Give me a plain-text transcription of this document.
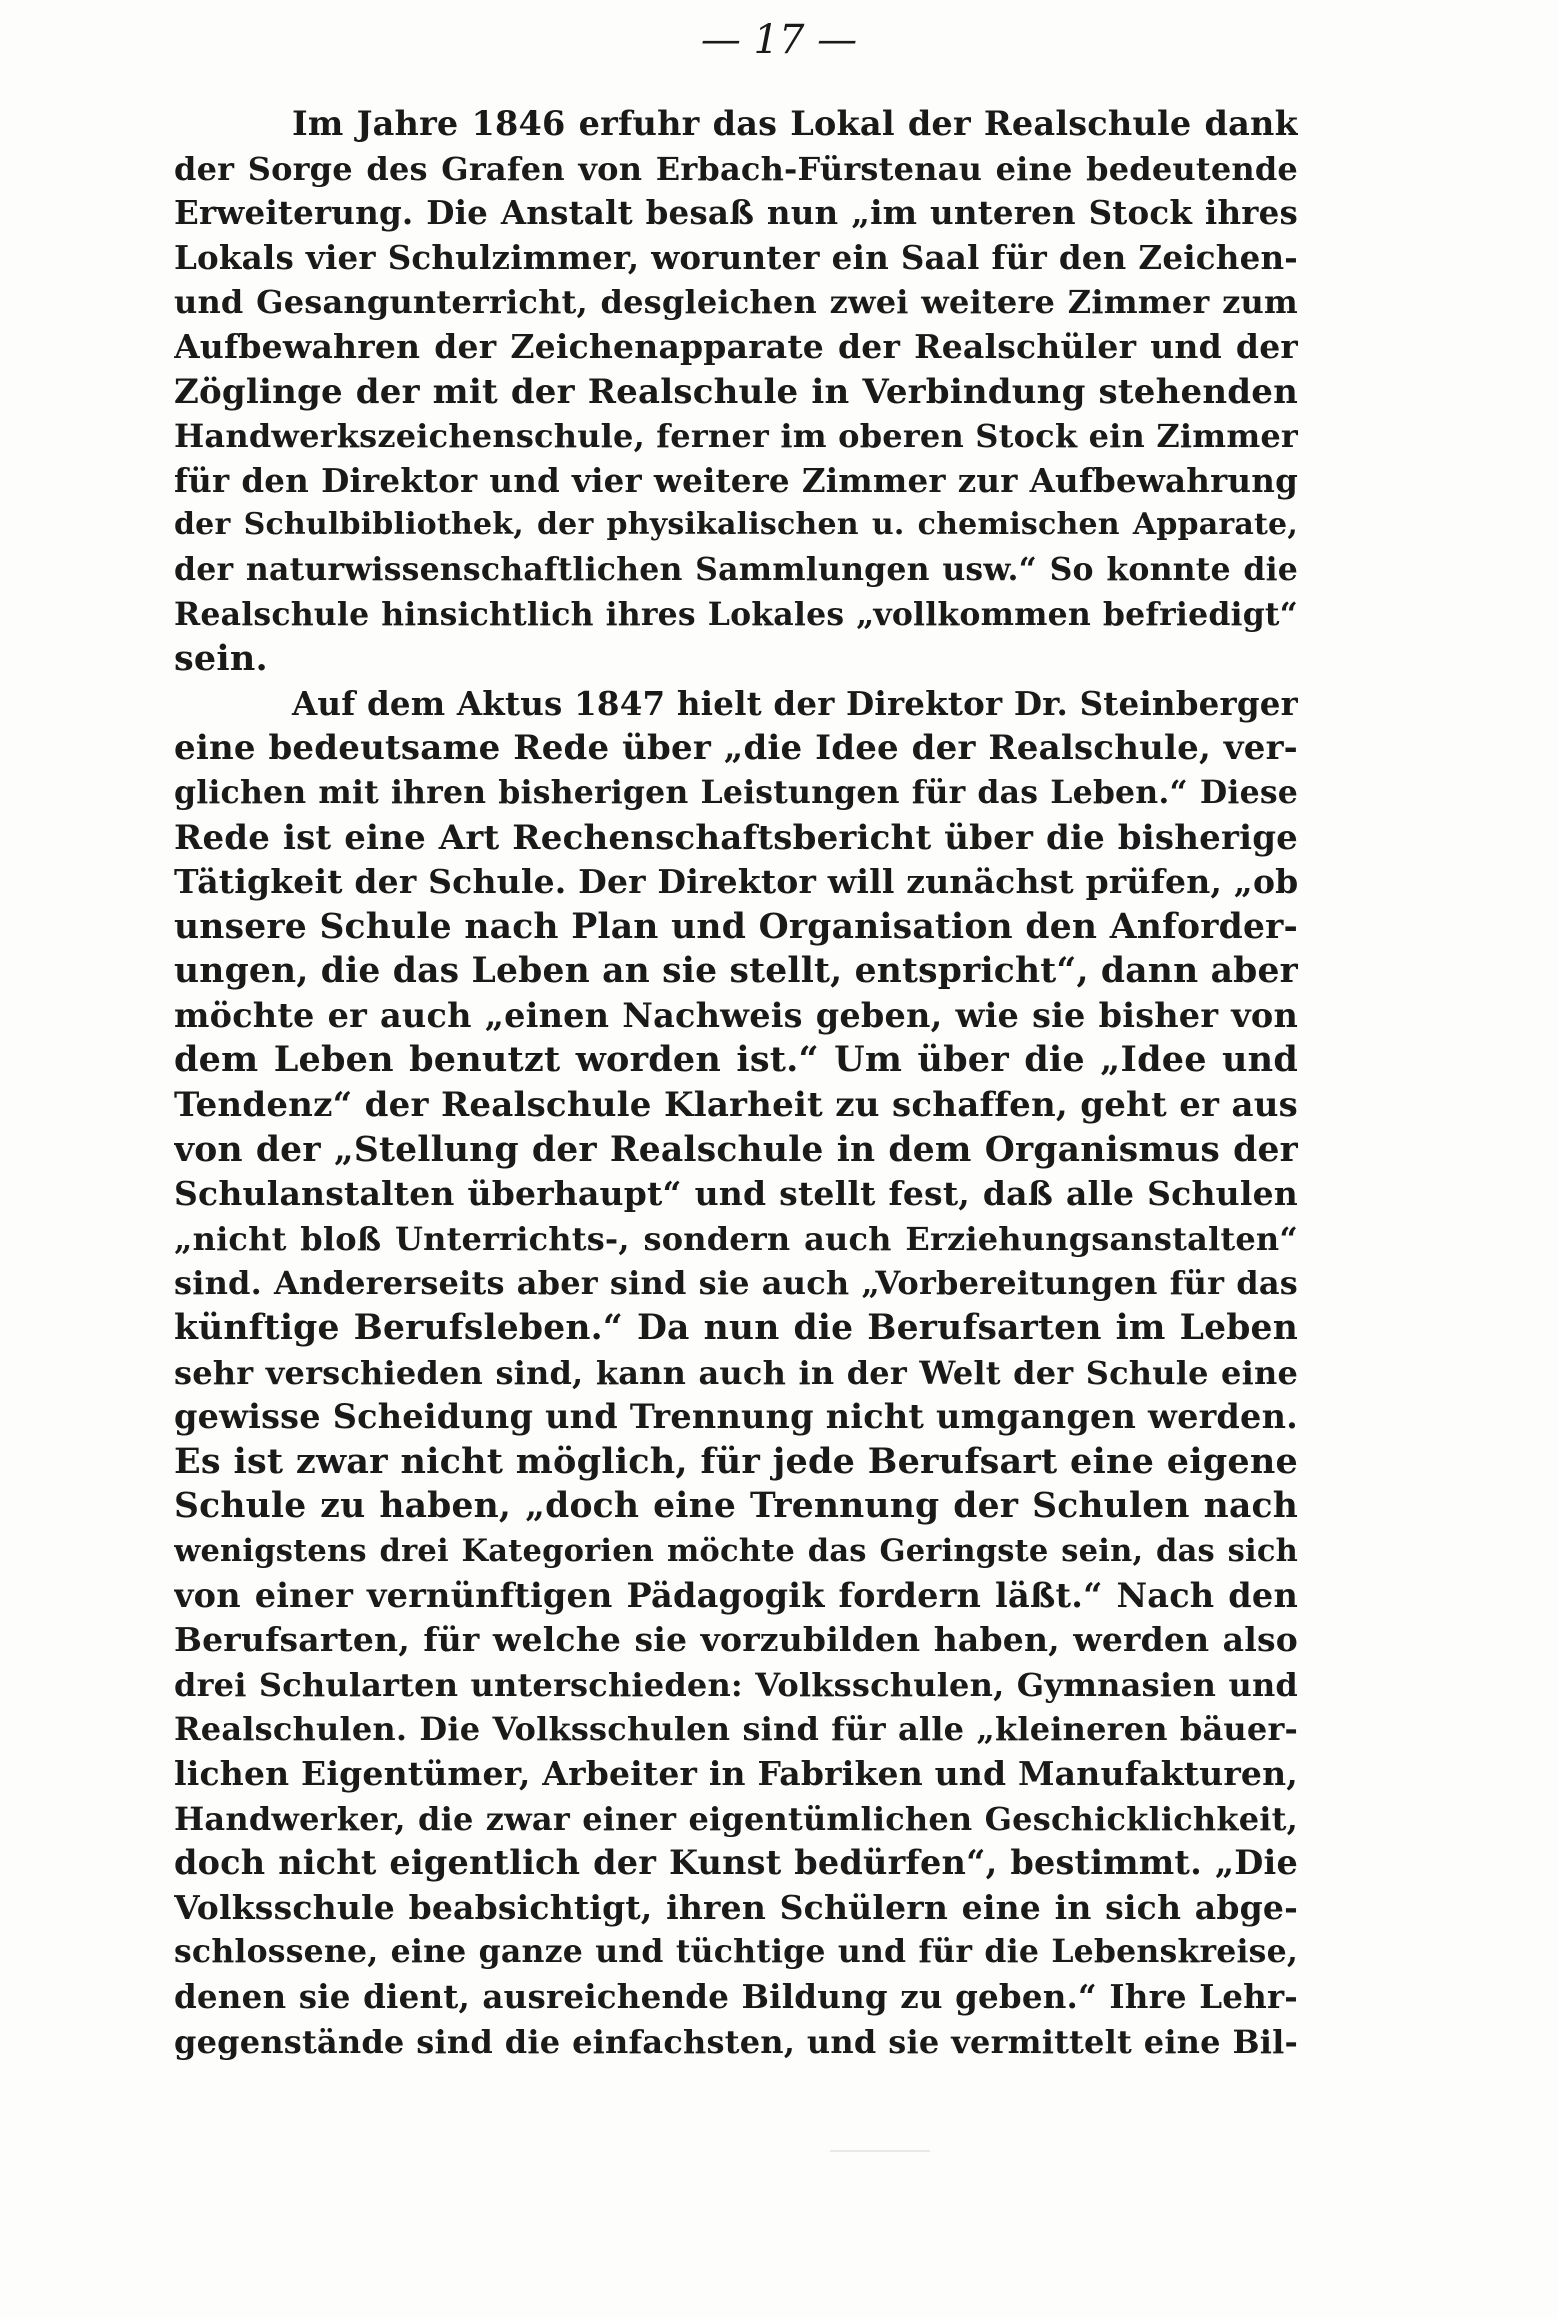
— 17 —
Im Jahre 1846 erfuhr das Lokal der Realschule dank
der Sorge des Grafen von Erbach-Fürstenau eine bedeutende
Erweiterung. Die Anstalt besaß nun „im unteren Stock ihres
Lokals vier Schulzimmer, worunter ein Saal für den Zeichen-
und Gesangunterricht, desgleichen zwei weitere Zimmer zum
Aufbewahren der Zeichenapparate der Realschüler und der
Zöglinge der mit der Realschule in Verbindung stehenden
Handwerkszeichenschule, ferner im oberen Stock ein Zimmer
für den Direktor und vier weitere Zimmer zur Aufbewahrung
der Schulbibliothek, der physikalischen u. chemischen Apparate,
der naturwissenschaftlichen Sammlungen usw.“ So konnte die
Realschule hinsichtlich ihres Lokales „vollkommen befriedigt“
sein.
Auf dem Aktus 1847 hielt der Direktor Dr. Steinberger
eine bedeutsame Rede über „die Idee der Realschule, ver-
glichen mit ihren bisherigen Leistungen für das Leben.“ Diese
Rede ist eine Art Rechenschaftsbericht über die bisherige
Tätigkeit der Schule. Der Direktor will zunächst prüfen, „ob
unsere Schule nach Plan und Organisation den Anforder-
ungen, die das Leben an sie stellt, entspricht“, dann aber
möchte er auch „einen Nachweis geben, wie sie bisher von
dem Leben benutzt worden ist.“ Um über die „Idee und
Tendenz“ der Realschule Klarheit zu schaffen, geht er aus
von der „Stellung der Realschule in dem Organismus der
Schulanstalten überhaupt“ und stellt fest, daß alle Schulen
„nicht bloß Unterrichts-, sondern auch Erziehungsanstalten“
sind. Andererseits aber sind sie auch „Vorbereitungen für das
künftige Berufsleben.“ Da nun die Berufsarten im Leben
sehr verschieden sind, kann auch in der Welt der Schule eine
gewisse Scheidung und Trennung nicht umgangen werden.
Es ist zwar nicht möglich, für jede Berufsart eine eigene
Schule zu haben, „doch eine Trennung der Schulen nach
wenigstens drei Kategorien möchte das Geringste sein, das sich
von einer vernünftigen Pädagogik fordern läßt.“ Nach den
Berufsarten, für welche sie vorzubilden haben, werden also
drei Schularten unterschieden: Volksschulen, Gymnasien und
Realschulen. Die Volksschulen sind für alle „kleineren bäuer-
lichen Eigentümer, Arbeiter in Fabriken und Manufakturen,
Handwerker, die zwar einer eigentümlichen Geschicklichkeit,
doch nicht eigentlich der Kunst bedürfen“, bestimmt. „Die
Volksschule beabsichtigt, ihren Schülern eine in sich abge-
schlossene, eine ganze und tüchtige und für die Lebenskreise,
denen sie dient, ausreichende Bildung zu geben.“ Ihre Lehr-
gegenstände sind die einfachsten, und sie vermittelt eine Bil-
